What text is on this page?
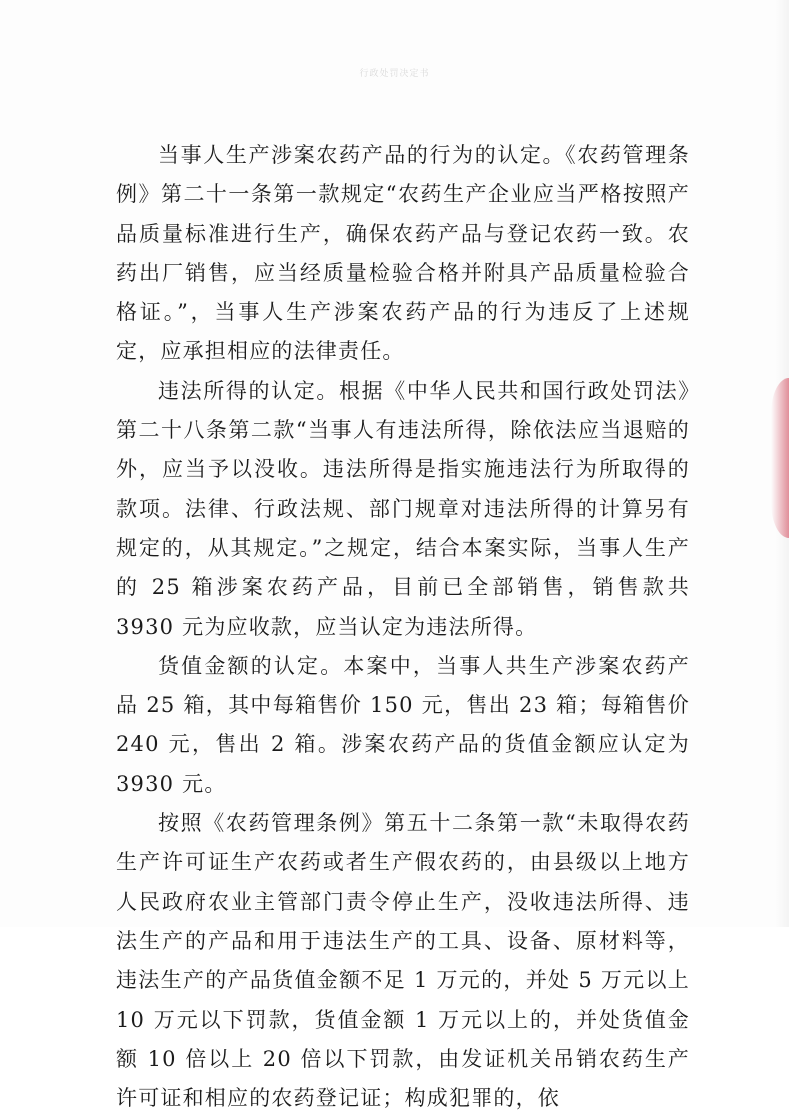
行政处罚决定书

当事人生产涉案农药产品的行为的认定。《农药管理条例》第二十一条第一款规定“农药生产企业应当严格按照产品质量标准进行生产，确保农药产品与登记农药一致。农药出厂销售，应当经质量检验合格并附具产品质量检验合格证。”，当事人生产涉案农药产品的行为违反了上述规定，应承担相应的法律责任。

违法所得的认定。根据《中华人民共和国行政处罚法》第二十八条第二款“当事人有违法所得，除依法应当退赔的外，应当予以没收。违法所得是指实施违法行为所取得的款项。法律、行政法规、部门规章对违法所得的计算另有规定的，从其规定。”之规定，结合本案实际，当事人生产的 25 箱涉案农药产品，目前已全部销售，销售款共 3930 元为应收款，应当认定为违法所得。

货值金额的认定。本案中，当事人共生产涉案农药产品 25 箱，其中每箱售价 150 元，售出 23 箱；每箱售价 240 元，售出 2 箱。涉案农药产品的货值金额应认定为 3930 元。

按照《农药管理条例》第五十二条第一款“未取得农药生产许可证生产农药或者生产假农药的，由县级以上地方人民政府农业主管部门责令停止生产，没收违法所得、违法生产的产品和用于违法生产的工具、设备、原材料等，违法生产的产品货值金额不足 1 万元的，并处 5 万元以上 10 万元以下罚款，货值金额 1 万元以上的，并处货值金额 10 倍以上 20 倍以下罚款，由发证机关吊销农药生产许可证和相应的农药登记证；构成犯罪的，依
